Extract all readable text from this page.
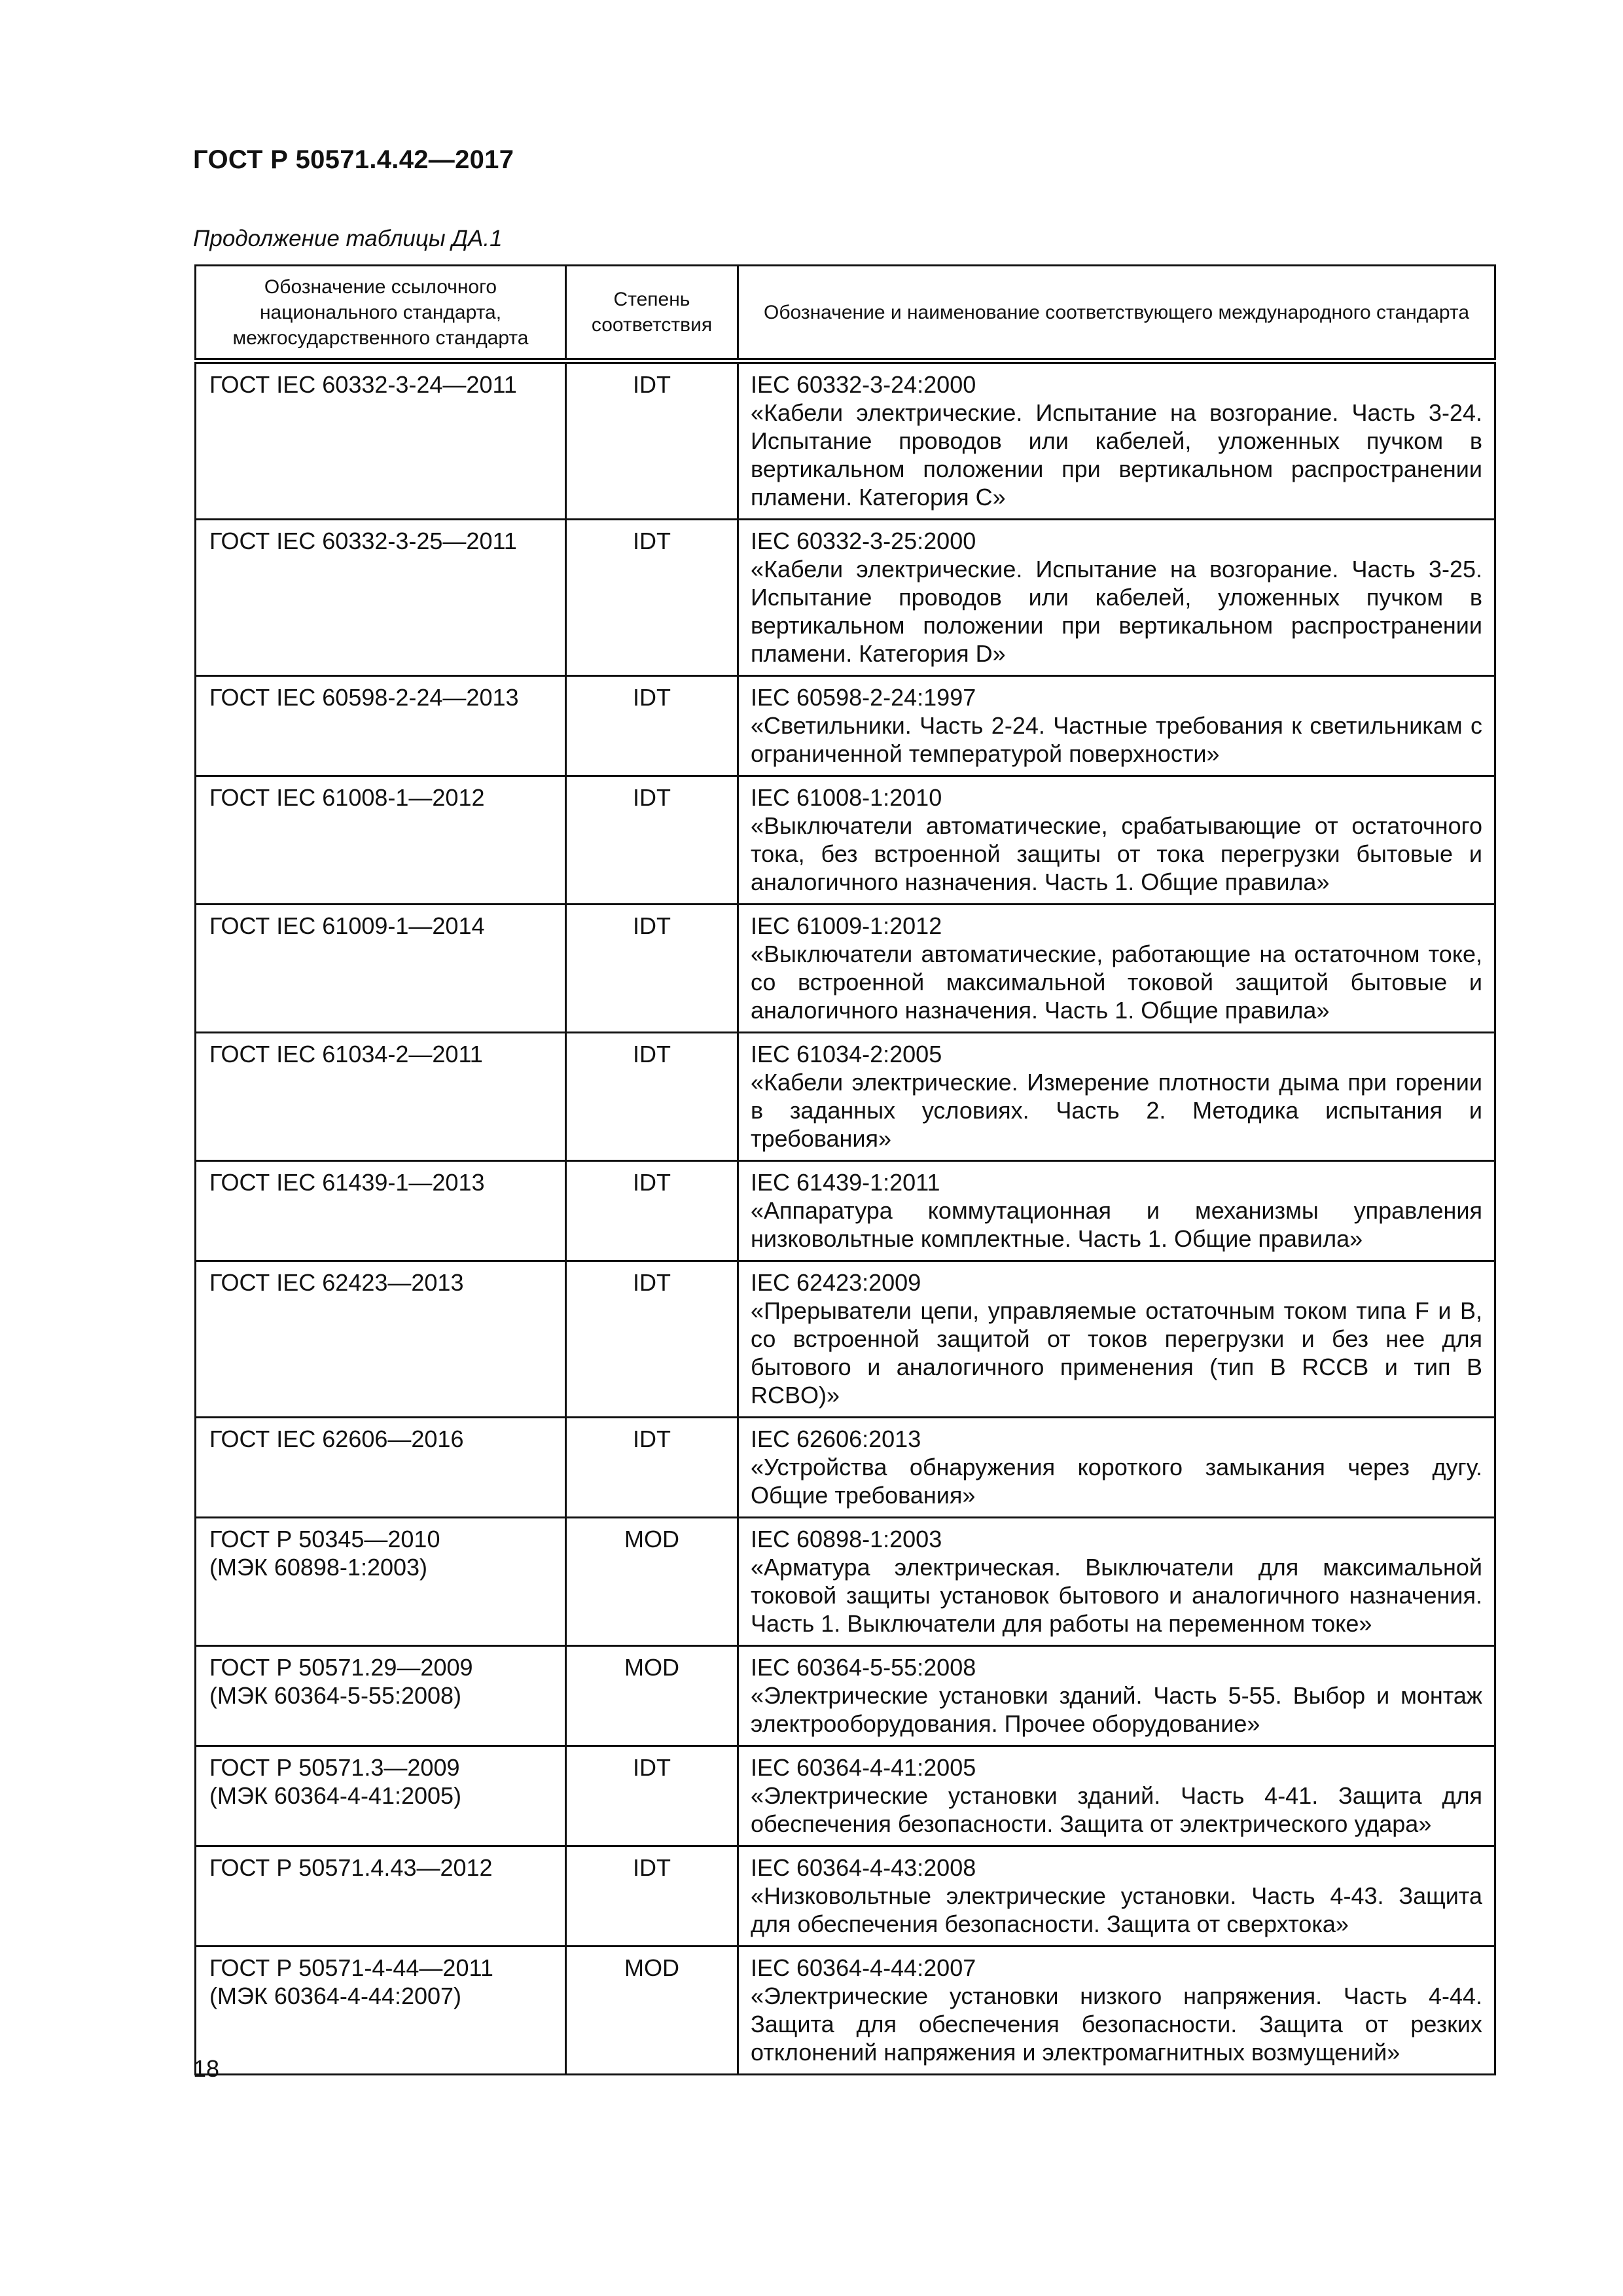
ГОСТ Р 50571.4.42—2017
Продолжение таблицы ДА.1
Обозначение ссылочного национального стандарта, межгосударственного стандарта	Степень соответствия	Обозначение и наименование соответствующего международного стандарта

ГОСТ IEC 60332-3-24—2011	IDT	IEC 60332-3-24:2000
«Кабели электрические. Испытание на возгорание. Часть 3-24. Испытание проводов или кабелей, уложенных пучком в вертикальном положении при вертикальном распространении пламени. Категория С»

ГОСТ IEC 60332-3-25—2011	IDT	IEC 60332-3-25:2000
«Кабели электрические. Испытание на возгорание. Часть 3-25. Испытание проводов или кабелей, уложенных пучком в вертикальном положении при вертикальном распространении пламени. Категория D»

ГОСТ IEC 60598-2-24—2013	IDT	IEC 60598-2-24:1997
«Светильники. Часть 2-24. Частные требования к светильникам с ограниченной температурой поверхности»

ГОСТ IEC 61008-1—2012	IDT	IEC 61008-1:2010
«Выключатели автоматические, срабатывающие от остаточного тока, без встроенной защиты от тока перегрузки бытовые и аналогичного назначения. Часть 1. Общие правила»

ГОСТ IEC 61009-1—2014	IDT	IEC 61009-1:2012
«Выключатели автоматические, работающие на остаточном токе, со встроенной максимальной токовой защитой бытовые и аналогичного назначения. Часть 1. Общие правила»

ГОСТ IEC 61034-2—2011	IDT	IEC 61034-2:2005
«Кабели электрические. Измерение плотности дыма при горении в заданных условиях. Часть 2. Методика испытания и требования»

ГОСТ IEC 61439-1—2013	IDT	IEC 61439-1:2011
«Аппаратура коммутационная и механизмы управления низковольтные комплектные. Часть 1. Общие правила»

ГОСТ IEC 62423—2013	IDT	IEC 62423:2009
«Прерыватели цепи, управляемые остаточным током типа F и B, со встроенной защитой от токов перегрузки и без нее для бытового и аналогичного применения (тип B RCCB и тип B RCBO)»

ГОСТ IEC 62606—2016	IDT	IEC 62606:2013
«Устройства обнаружения короткого замыкания через дугу. Общие требования»

ГОСТ Р 50345—2010
(МЭК 60898-1:2003)	MOD	IEC 60898-1:2003
«Арматура электрическая. Выключатели для максимальной токовой защиты установок бытового и аналогичного назначения. Часть 1. Выключатели для работы на переменном токе»

ГОСТ Р 50571.29—2009
(МЭК 60364-5-55:2008)	MOD	IEC 60364-5-55:2008
«Электрические установки зданий. Часть 5-55. Выбор и монтаж электрооборудования. Прочее оборудование»

ГОСТ Р 50571.3—2009
(МЭК 60364-4-41:2005)	IDT	IEC 60364-4-41:2005
«Электрические установки зданий. Часть 4-41. Защита для обеспечения безопасности. Защита от электрического удара»

ГОСТ Р 50571.4.43—2012	IDT	IEC 60364-4-43:2008
«Низковольтные электрические установки. Часть 4-43. Защита для обеспечения безопасности. Защита от сверхтока»

ГОСТ Р 50571-4-44—2011
(МЭК 60364-4-44:2007)	MOD	IEC 60364-4-44:2007
«Электрические установки низкого напряжения. Часть 4-44. Защита для обеспечения безопасности. Защита от резких отклонений напряжения и электромагнитных возмущений»
18
